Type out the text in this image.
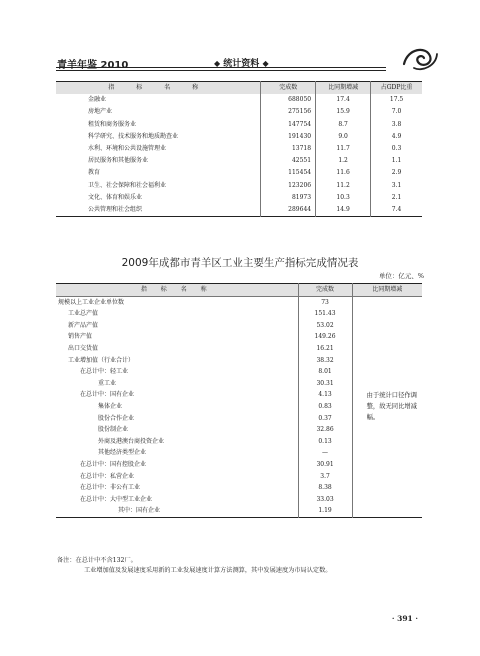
青羊年鉴 2010	◆ 统计资料 ◆
指 标 名 称	完成数	比同期增减	占GDP比重
金融业	688050	17.4	17.5
房地产业	275156	15.9	7.0
租赁和商务服务业	147754	8.7	3.8
科学研究、技术服务和地质勘查业	191430	9.0	4.9
水利、环境和公共设施管理业	13718	11.7	0.3
居民服务和其他服务业	42551	1.2	1.1
教育	115454	11.6	2.9
卫生、社会保障和社会福利业	123206	11.2	3.1
文化、体育和娱乐业	81973	10.3	2.1
公共管理和社会组织	289644	14.9	7.4
2009年成都市青羊区工业主要生产指标完成情况表
单位：亿元、%
指 标 名 称	完成数	比同期增减
规模以上工业企业单位数	73	由于统计口径作调整，故无同比增减幅。
工业总产值	151.43	
新产品产值	53.02	
销售产值	149.26	
出口交货值	16.21	
工业增加值（行业合计）	38.32	
在总计中：轻工业	8.01	
重工业	30.31	
在总计中：国有企业	4.13	
集体企业	0.83	
股份合作企业	0.37	
股份制企业	32.86	
外商及港澳台商投资企业	0.13	
其他经济类型企业	—	
在总计中：国有控股企业	30.91	
在总计中：私营企业	3.7	
在总计中：非公有工业	8.38	
在总计中：大中型工业企业	33.03	
其中：国有企业	1.19	
备注：在总计中不含132厂。
工业增加值及发展速度采用新的工业发展速度计算方法测算，其中发展速度为市局认定数。
· 391 ·
